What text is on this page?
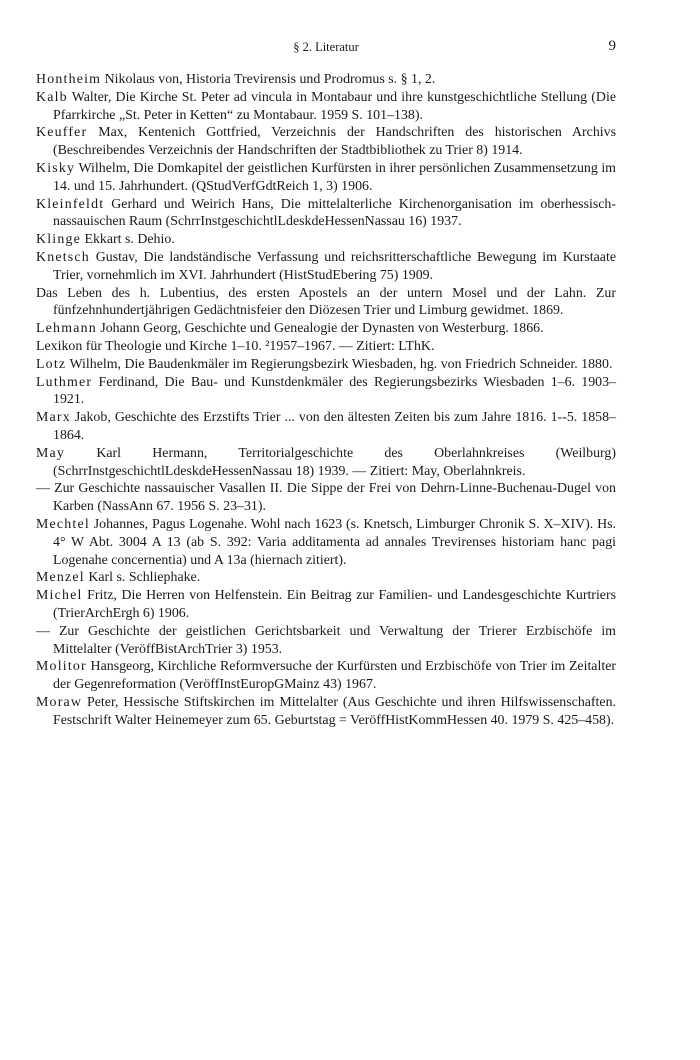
§ 2. Literatur	9

Hontheim Nikolaus von, Historia Trevirensis und Prodromus s. § 1, 2.

Kalb Walter, Die Kirche St. Peter ad vincula in Montabaur und ihre kunstgeschichtliche Stellung (Die Pfarrkirche „St. Peter in Ketten“ zu Montabaur. 1959 S. 101–138).

Keuffer Max, Kentenich Gottfried, Verzeichnis der Handschriften des historischen Archivs (Beschreibendes Verzeichnis der Handschriften der Stadtbibliothek zu Trier 8) 1914.

Kisky Wilhelm, Die Domkapitel der geistlichen Kurfürsten in ihrer persönlichen Zusammensetzung im 14. und 15. Jahrhundert. (QStudVerfGdtReich 1, 3) 1906.

Kleinfeldt Gerhard und Weirich Hans, Die mittelalterliche Kirchenorganisation im oberhessisch-nassauischen Raum (SchrrInstgeschichtlLdeskdeHessenNassau 16) 1937.

Klinge Ekkart s. Dehio.

Knetsch Gustav, Die landständische Verfassung und reichsritterschaftliche Bewegung im Kurstaate Trier, vornehmlich im XVI. Jahrhundert (HistStudEbering 75) 1909.

Das Leben des h. Lubentius, des ersten Apostels an der untern Mosel und der Lahn. Zur fünfzehnhundertjährigen Gedächtnisfeier den Diözesen Trier und Limburg gewidmet. 1869.

Lehmann Johann Georg, Geschichte und Genealogie der Dynasten von Westerburg. 1866.

Lexikon für Theologie und Kirche 1–10. ²1957–1967. — Zitiert: LThK.

Lotz Wilhelm, Die Baudenkmäler im Regierungsbezirk Wiesbaden, hg. von Friedrich Schneider. 1880.

Luthmer Ferdinand, Die Bau- und Kunstdenkmäler des Regierungsbezirks Wiesbaden 1–6. 1903–1921.

Marx Jakob, Geschichte des Erzstifts Trier ... von den ältesten Zeiten bis zum Jahre 1816. 1--5. 1858–1864.

May Karl Hermann, Territorialgeschichte des Oberlahnkreises (Weilburg) (SchrrInstgeschichtlLdeskdeHessenNassau 18) 1939. — Zitiert: May, Oberlahnkreis.

— Zur Geschichte nassauischer Vasallen II. Die Sippe der Frei von Dehrn-Linne-Buchenau-Dugel von Karben (NassAnn 67. 1956 S. 23–31).

Mechtel Johannes, Pagus Logenahe. Wohl nach 1623 (s. Knetsch, Limburger Chronik S. X–XIV). Hs. 4° W Abt. 3004 A 13 (ab S. 392: Varia additamenta ad annales Trevirenses historiam hanc pagi Logenahe concernentia) und A 13a (hiernach zitiert).

Menzel Karl s. Schliephake.

Michel Fritz, Die Herren von Helfenstein. Ein Beitrag zur Familien- und Landesgeschichte Kurtriers (TrierArchErgh 6) 1906.

— Zur Geschichte der geistlichen Gerichtsbarkeit und Verwaltung der Trierer Erzbischöfe im Mittelalter (VeröffBistArchTrier 3) 1953.

Molitor Hansgeorg, Kirchliche Reformversuche der Kurfürsten und Erzbischöfe von Trier im Zeitalter der Gegenreformation (VeröffInstEuropGMainz 43) 1967.

Moraw Peter, Hessische Stiftskirchen im Mittelalter (Aus Geschichte und ihren Hilfswissenschaften. Festschrift Walter Heinemeyer zum 65. Geburtstag = VeröffHistKommHessen 40. 1979 S. 425–458).
